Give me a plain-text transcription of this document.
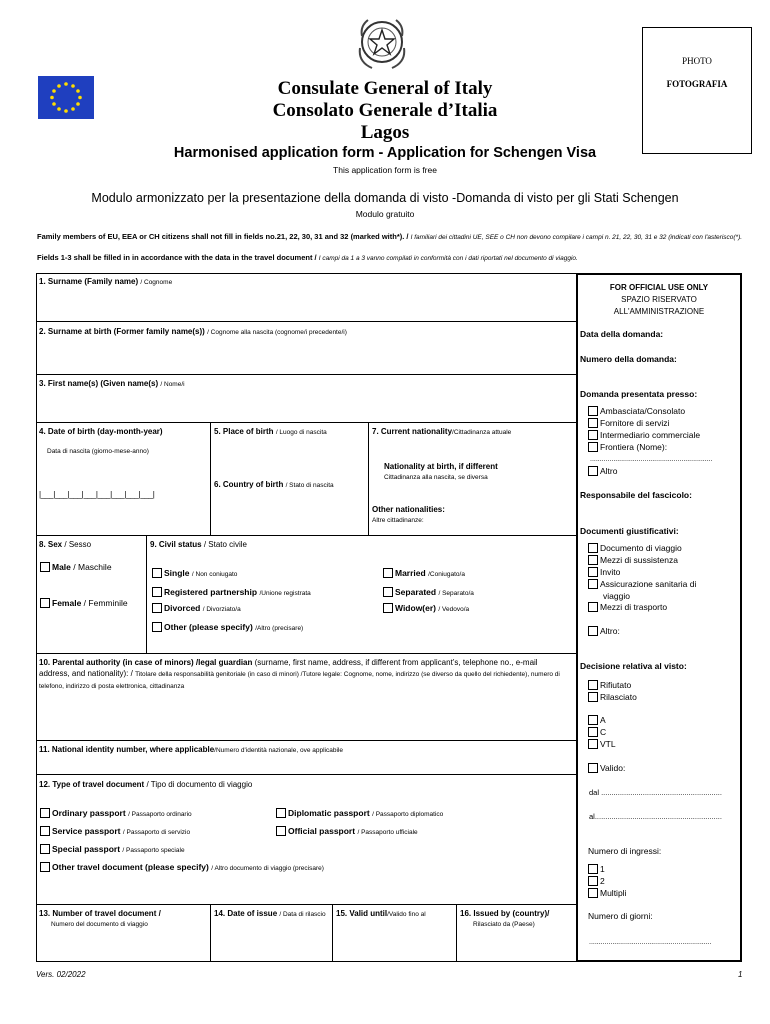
Consulate General of Italy
Consolato Generale d’Italia
Lagos
Harmonised application form - Application for Schengen Visa
This application form is free
Modulo armonizzato per la presentazione della domanda di visto -Domanda di visto per gli Stati Schengen
Modulo gratuito
PHOTO
FOTOGRAFIA
Family members of EU, EEA or CH citizens shall not fill in fields no.21, 22, 30, 31 and 32 (marked with*). / I familiari dei cittadini UE, SEE o CH non devono compilare i campi n. 21, 22, 30, 31 e 32 (indicati con l'asterisco(*).
Fields 1-3 shall be filled in in accordance with the data in the travel document / I campi da 1 a 3 vanno compilati in conformità con i dati riportati nel documento di viaggio.
1. Surname (Family name) / Cognome
2. Surname at birth (Former family name(s)) / Cognome alla nascita (cognome/i precedente/i)
3. First name(s) (Given name(s) / Nome/i
4. Date of birth (day-month-year)
Data di nascita (giorno-mese-anno)
|___|___|___|___|___|___|___|___|
5. Place of birth / Luogo di nascita
6. Country of birth / Stato di nascita
7. Current nationality/Cittadinanza attuale
Nationality at birth, if different
Cittadinanza alla nascita, se diversa
Other nationalities:
Altre cittadinanze:
8. Sex / Sesso
Male / Maschile
Female / Femminile
9. Civil status / Stato civile
Single / Non coniugato
Registered partnership /Unione registrata
Divorced / Divorziato/a
Other (please specify) /Altro (precisare)
Married /Coniugato/a
Separated / Separato/a
Widow(er) / Vedovo/a
10. Parental authority (in case of minors) /legal guardian (surname, first name, address, if different from applicant’s, telephone no., e-mail address, and nationality): / Titolare della responsabilità genitoriale (in caso di minori) /Tutore legale: Cognome, nome, indirizzo (se diverso da quello del richiedente), numero di telefono, indirizzo di posta elettronica, cittadinanza
11. National identity number, where applicable/Numero d'identità nazionale, ove applicabile
12. Type of travel document / Tipo di documento di viaggio
Ordinary passport / Passaporto ordinario
Service passport / Passaporto di servizio
Special passport / Passaporto speciale
Other travel document (please specify) / Altro documento di viaggio (precisare)
Diplomatic passport / Passaporto diplomatico
Official passport / Passaporto ufficiale
13. Number of travel document /
Numero del documento di viaggio
14. Date of issue / Data di rilascio 15. Valid until/Valido fino al	16. Issued by (country)/
Rilasciato da (Paese)
FOR OFFICIAL USE ONLY
SPAZIO RISERVATO
ALL'AMMINISTRAZIONE
Data della domanda:
Numero della domanda:
Domanda presentata presso:
Ambasciata/Consolato
Fornitore di servizi
Intermediario commerciale
Frontiera (Nome):
...............................................................
Altro
Responsabile del fascicolo:
Documenti giustificativi:
Documento di viaggio
Mezzi di sussistenza
Invito
Assicurazione sanitaria di
viaggio
Mezzi di trasporto
Altro:
Decisione relativa al visto:
Rifiutato
Rilasciato
A
C
VTL
Valido:
dal ..........................................................
al.............................................................
Numero di ingressi:
1
2
Multipli
Numero di giorni:
...............................................................
Vers. 02/2022	1
